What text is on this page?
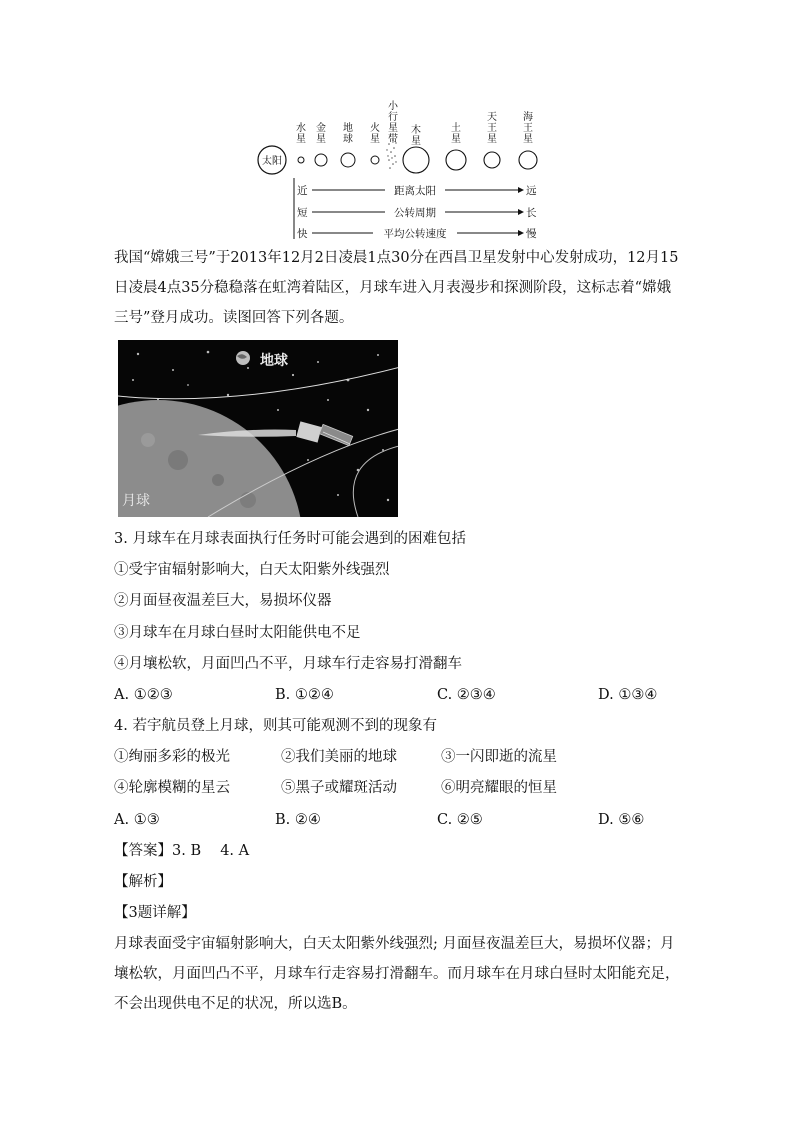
太阳
水星
金星
地球
火星
小行星带
木星
土星
天王星
海王星
近	距离太阳	远
短	公转周期	长
快	平均公转速度	慢
我国“嫦娥三号”于2013年12月2日凌晨1点30分在西昌卫星发射中心发射成功，12月15日凌晨4点35分稳稳落在虹湾着陆区，月球车进入月表漫步和探测阶段，这标志着“嫦娥三号”登月成功。读图回答下列各题。
地球
月球
3. 月球车在月球表面执行任务时可能会遇到的困难包括
①受宇宙辐射影响大，白天太阳紫外线强烈
②月面昼夜温差巨大，易损坏仪器
③月球车在月球白昼时太阳能供电不足
④月壤松软，月面凹凸不平，月球车行走容易打滑翻车
A. ①②③	B. ①②④	C. ②③④	D. ①③④
4. 若宇航员登上月球，则其可能观测不到的现象有
①绚丽多彩的极光	②我们美丽的地球	③一闪即逝的流星
④轮廓模糊的星云	⑤黑子或耀斑活动	⑥明亮耀眼的恒星
A. ①③	B. ②④	C. ②⑤	D. ⑤⑥
【答案】3. B　 4. A
【解析】
【3题详解】
月球表面受宇宙辐射影响大，白天太阳紫外线强烈; 月面昼夜温差巨大，易损坏仪器；月壤松软，月面凹凸不平，月球车行走容易打滑翻车。而月球车在月球白昼时太阳能充足，不会出现供电不足的状况，所以选B。
